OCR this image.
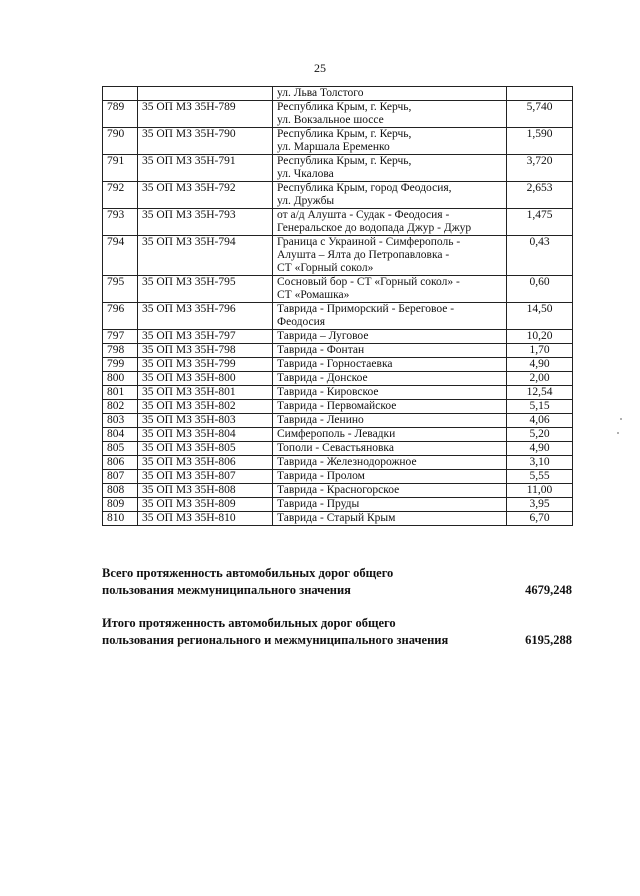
25

		ул. Льва Толстого	

789	35 ОП МЗ 35Н-789	Республика Крым, г. Керчь,
ул. Вокзальное шоссе	5,740
790	35 ОП МЗ 35Н-790	Республика Крым, г. Керчь,
ул. Маршала Еременко	1,590
791	35 ОП МЗ 35Н-791	Республика Крым, г. Керчь,
ул. Чкалова	3,720
792	35 ОП МЗ 35Н-792	Республика Крым, город Феодосия,
ул. Дружбы	2,653
793	35 ОП МЗ 35Н-793	от а/д Алушта - Судак - Феодосия -
Генеральское до водопада Джур - Джур	1,475
794	35 ОП МЗ 35Н-794	Граница с Украиной - Симферополь -
Алушта – Ялта до Петропавловка -
СТ «Горный сокол»	0,43
795	35 ОП МЗ 35Н-795	Сосновый бор - СТ «Горный сокол» -
СТ «Ромашка»	0,60
796	35 ОП МЗ 35Н-796	Таврида - Приморский - Береговое -
Феодосия	14,50
797	35 ОП МЗ 35Н-797	Таврида – Луговое	10,20
798	35 ОП МЗ 35Н-798	Таврида - Фонтан	1,70
799	35 ОП МЗ 35Н-799	Таврида - Горностаевка	4,90
800	35 ОП МЗ 35Н-800	Таврида - Донское	2,00
801	35 ОП МЗ 35Н-801	Таврида - Кировское	12,54
802	35 ОП МЗ 35Н-802	Таврида - Первомайское	5,15
803	35 ОП МЗ 35Н-803	Таврида - Ленино	4,06
804	35 ОП МЗ 35Н-804	Симферополь - Левадки	5,20
805	35 ОП МЗ 35Н-805	Тополи - Севастьяновка	4,90
806	35 ОП МЗ 35Н-806	Таврида - Железнодорожное	3,10
807	35 ОП МЗ 35Н-807	Таврида - Пролом	5,55
808	35 ОП МЗ 35Н-808	Таврида - Красногорское	11,00
809	35 ОП МЗ 35Н-809	Таврида - Пруды	3,95
810	35 ОП МЗ 35Н-810	Таврида - Старый Крым	6,70
Всего протяженность автомобильных дорог общего
пользования межмуниципального значения	4679,248
Итого протяженность автомобильных дорог общего
пользования регионального и межмуниципального значения	6195,288
